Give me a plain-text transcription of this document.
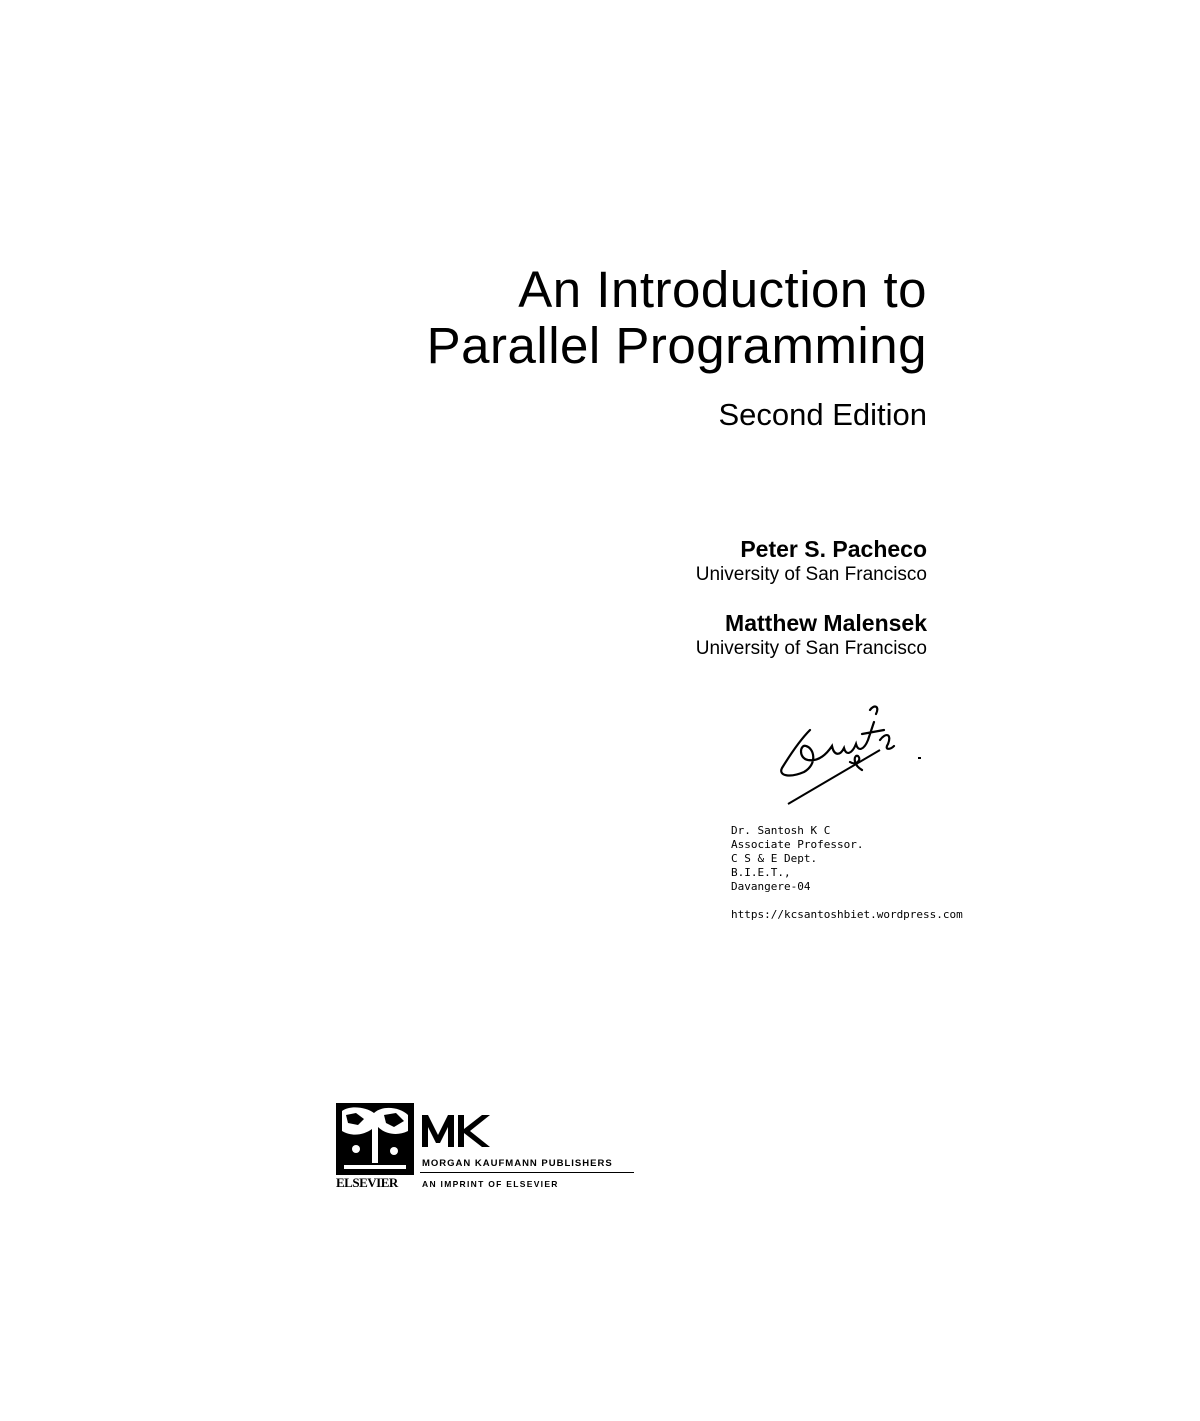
An Introduction to
Parallel Programming
Second Edition
Peter S. Pacheco
University of San Francisco
Matthew Malensek
University of San Francisco
Dr. Santosh K C
Associate Professor.
C S & E Dept.
B.I.E.T.,
Davangere-04
https://kcsantoshbiet.wordpress.com
ELSEVIER
MORGAN KAUFMANN PUBLISHERS
AN IMPRINT OF ELSEVIER
